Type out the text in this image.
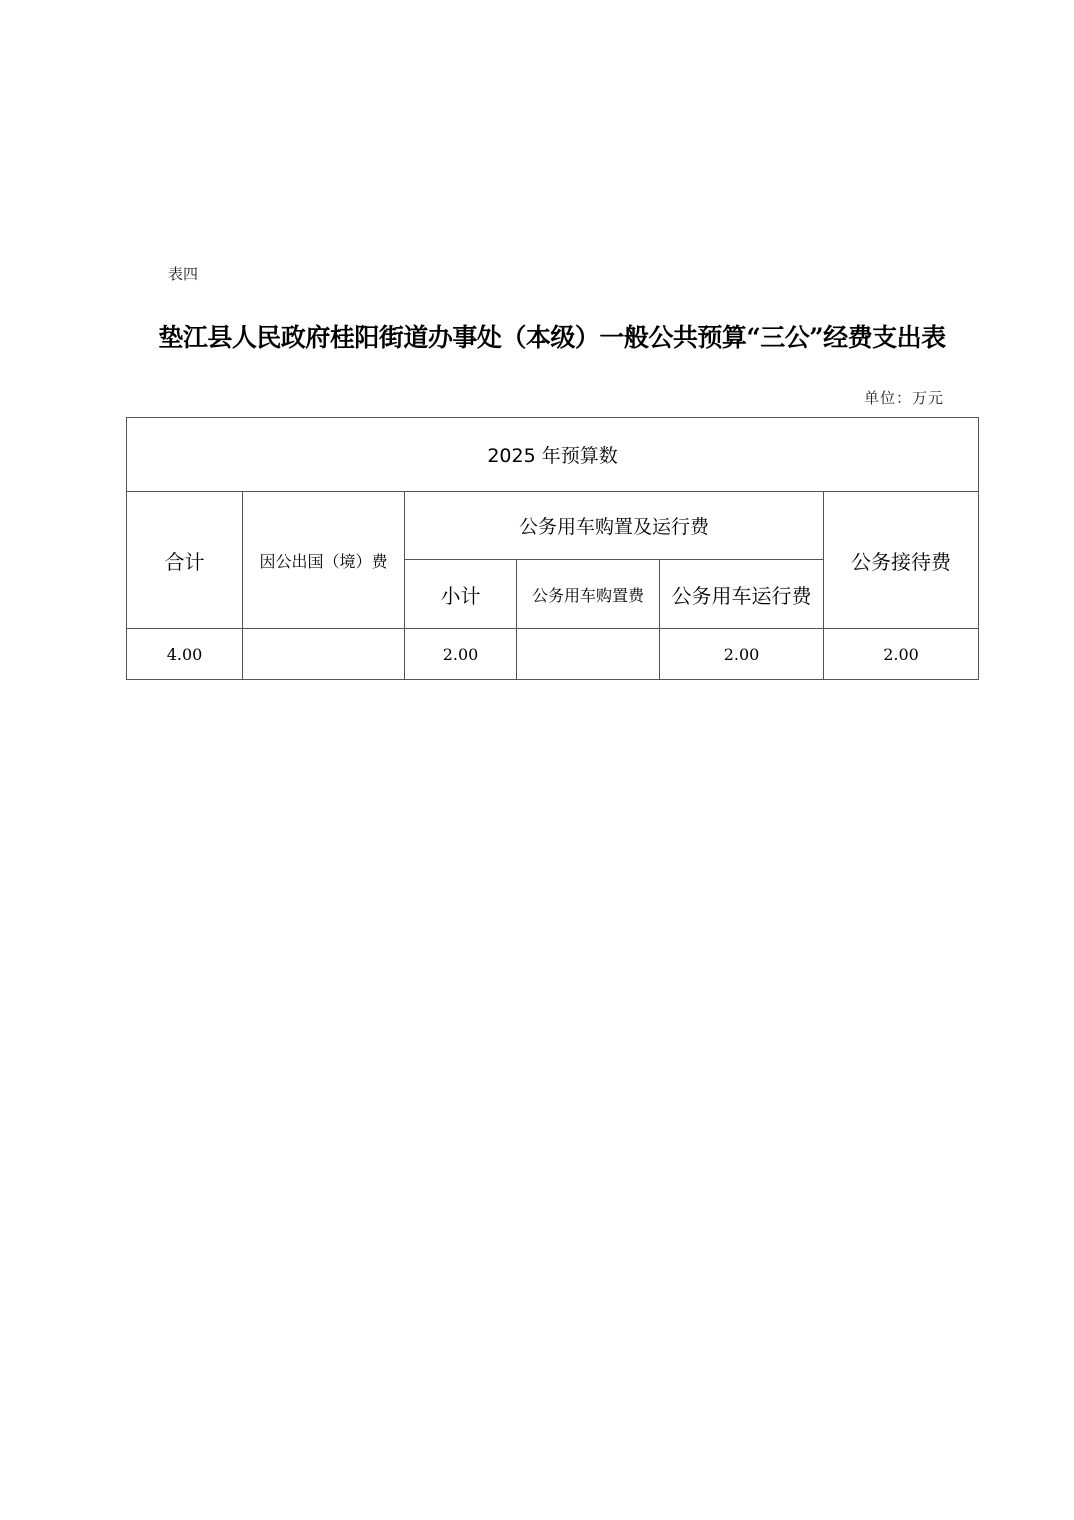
表四
垫江县人民政府桂阳街道办事处（本级）一般公共预算“三公”经费支出表
单位：万元
2025 年预算数					
合计	因公出国（境）费	公务用车购置及运行费			公务接待费
		小计	公务用车购置费	公务用车运行费	
4.00		2.00		2.00	2.00
